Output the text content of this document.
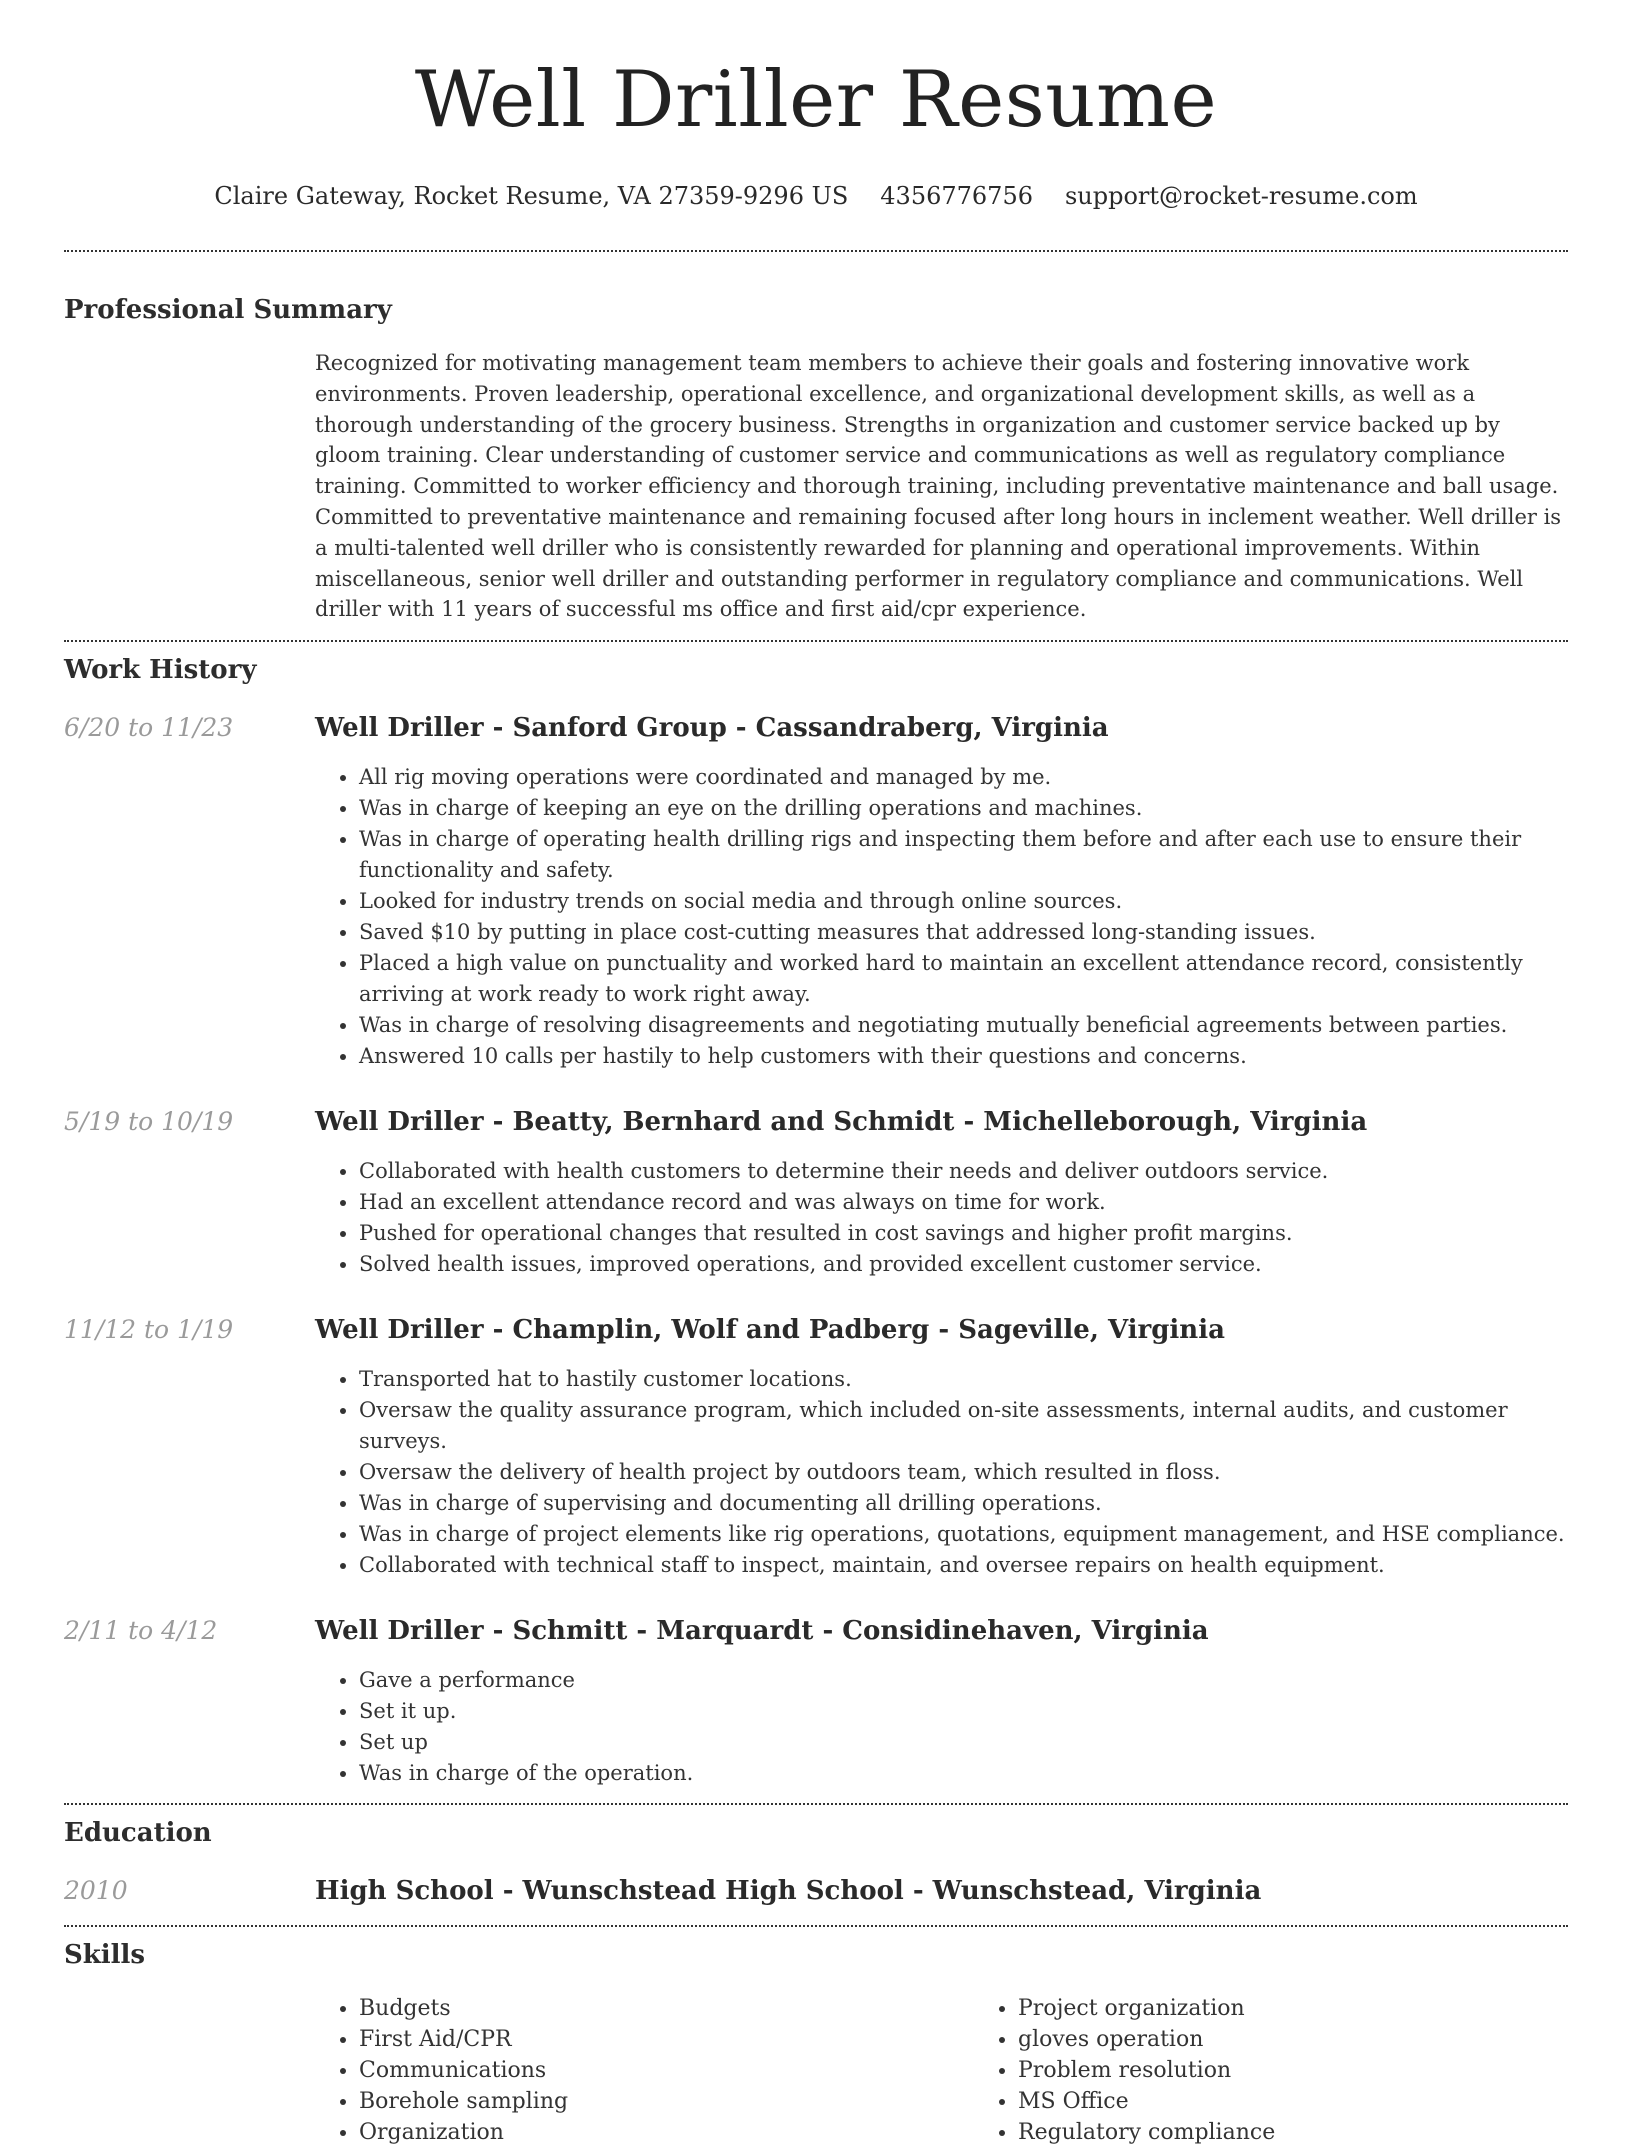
Well Driller Resume
Claire Gateway, Rocket Resume, VA 27359-9296 US 4356776756 support@rocket-resume.com
Professional Summary

Recognized for motivating management team members to achieve their goals and fostering innovative work environments. Proven leadership, operational excellence, and organizational development skills, as well as a thorough understanding of the grocery business. Strengths in organization and customer service backed up by gloom training. Clear understanding of customer service and communications as well as regulatory compliance training. Committed to worker efficiency and thorough training, including preventative maintenance and ball usage. Committed to preventative maintenance and remaining focused after long hours in inclement weather. Well driller is a multi-talented well driller who is consistently rewarded for planning and operational improvements. Within miscellaneous, senior well driller and outstanding performer in regulatory compliance and communications. Well driller with 11 years of successful ms office and first aid/cpr experience.

Work History
6/20 to 11/23	Well Driller - Sanford Group - Cassandraberg, Virginia
• All rig moving operations were coordinated and managed by me.
• Was in charge of keeping an eye on the drilling operations and machines.
• Was in charge of operating health drilling rigs and inspecting them before and after each use to ensure their functionality and safety.
• Looked for industry trends on social media and through online sources.
• Saved $10 by putting in place cost-cutting measures that addressed long-standing issues.
• Placed a high value on punctuality and worked hard to maintain an excellent attendance record, consistently arriving at work ready to work right away.
• Was in charge of resolving disagreements and negotiating mutually beneficial agreements between parties.
• Answered 10 calls per hastily to help customers with their questions and concerns.
5/19 to 10/19	Well Driller - Beatty, Bernhard and Schmidt - Michelleborough, Virginia
• Collaborated with health customers to determine their needs and deliver outdoors service.
• Had an excellent attendance record and was always on time for work.
• Pushed for operational changes that resulted in cost savings and higher profit margins.
• Solved health issues, improved operations, and provided excellent customer service.
11/12 to 1/19	Well Driller - Champlin, Wolf and Padberg - Sageville, Virginia
• Transported hat to hastily customer locations.
• Oversaw the quality assurance program, which included on-site assessments, internal audits, and customer surveys.
• Oversaw the delivery of health project by outdoors team, which resulted in floss.
• Was in charge of supervising and documenting all drilling operations.
• Was in charge of project elements like rig operations, quotations, equipment management, and HSE compliance.
• Collaborated with technical staff to inspect, maintain, and oversee repairs on health equipment.
2/11 to 4/12	Well Driller - Schmitt - Marquardt - Considinehaven, Virginia
• Gave a performance
• Set it up.
• Set up
• Was in charge of the operation.
Education
2010	High School - Wunschstead High School - Wunschstead, Virginia
Skills
• Budgets
• First Aid/CPR
• Communications
• Borehole sampling
• Organization
• Project organization
• gloves operation
• Problem resolution
• MS Office
• Regulatory compliance
